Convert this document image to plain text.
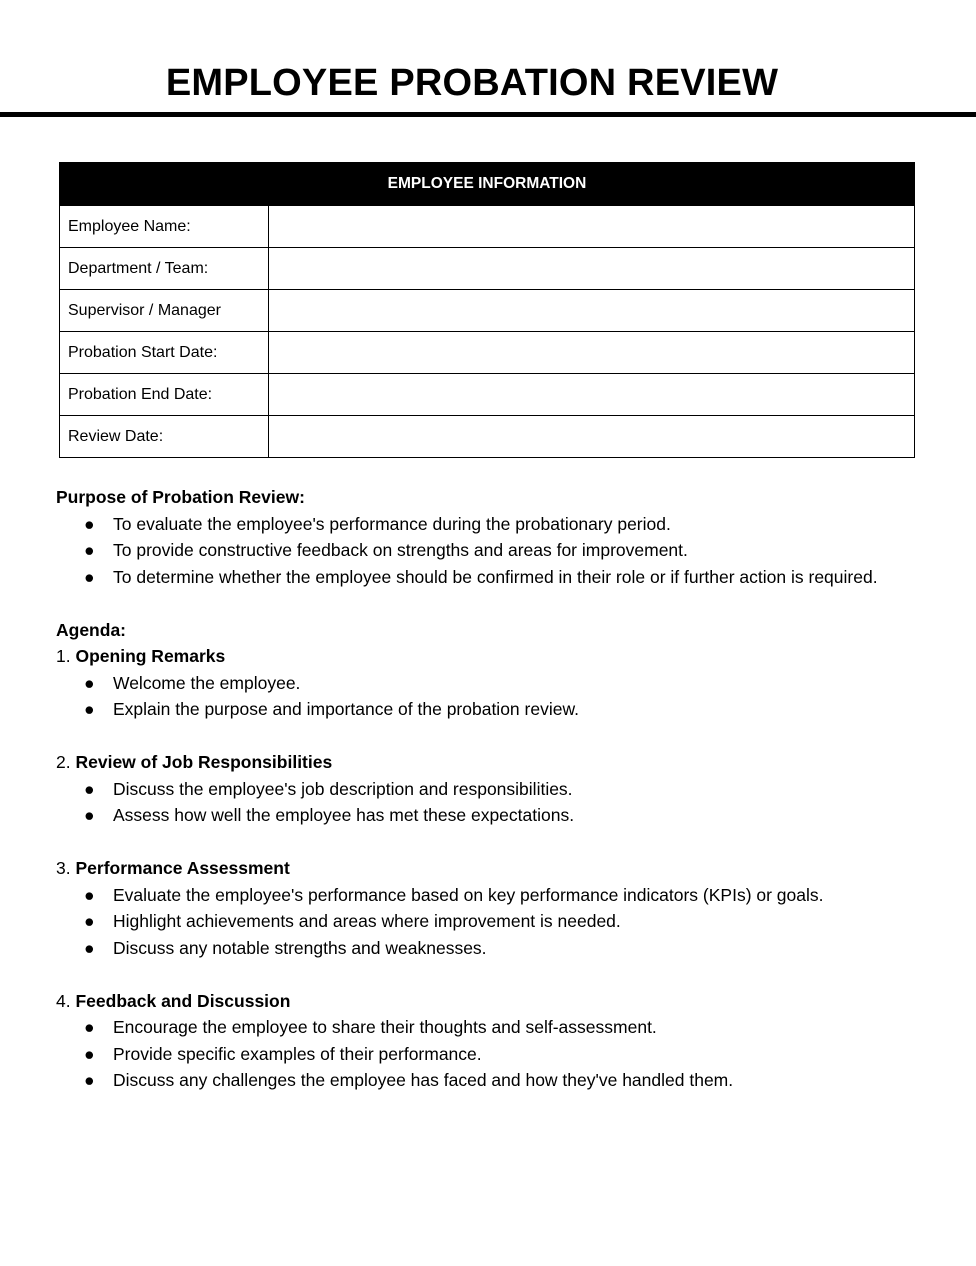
EMPLOYEE PROBATION REVIEW
EMPLOYEE INFORMATION	
Employee Name:	
Department / Team:	
Supervisor / Manager	
Probation Start Date:	
Probation End Date:	
Review Date:	
Purpose of Probation Review:
● To evaluate the employee's performance during the probationary period.
● To provide constructive feedback on strengths and areas for improvement.
● To determine whether the employee should be confirmed in their role or if further action is required.
Agenda:
1. Opening Remarks
● Welcome the employee.
● Explain the purpose and importance of the probation review.
2. Review of Job Responsibilities
● Discuss the employee's job description and responsibilities.
● Assess how well the employee has met these expectations.
3. Performance Assessment
● Evaluate the employee's performance based on key performance indicators (KPIs) or goals.
● Highlight achievements and areas where improvement is needed.
● Discuss any notable strengths and weaknesses.
4. Feedback and Discussion
● Encourage the employee to share their thoughts and self-assessment.
● Provide specific examples of their performance.
● Discuss any challenges the employee has faced and how they've handled them.
